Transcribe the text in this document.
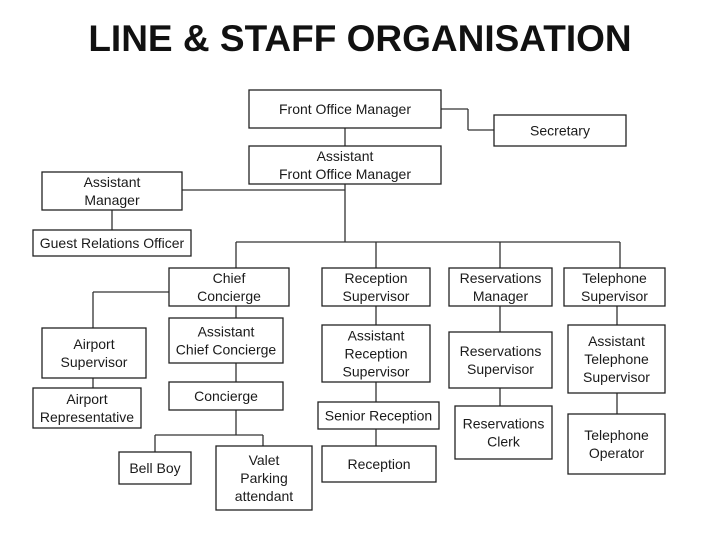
LINE & STAFF ORGANISATION
Front Office Manager
Secretary
Assistant
Front Office Manager
Assistant
Manager
Guest Relations Officer
Chief
Concierge
Reception
Supervisor
Reservations
Manager
Telephone
Supervisor
Airport
Supervisor
Assistant
Chief Concierge
Assistant
Reception
Supervisor
Reservations
Supervisor
Assistant
Telephone
Supervisor
Airport
Representative
Concierge
Senior Reception Reservations
Clerk	Telephone
Operator
Bell Boy	Valet
Parking
attendant
Reception
